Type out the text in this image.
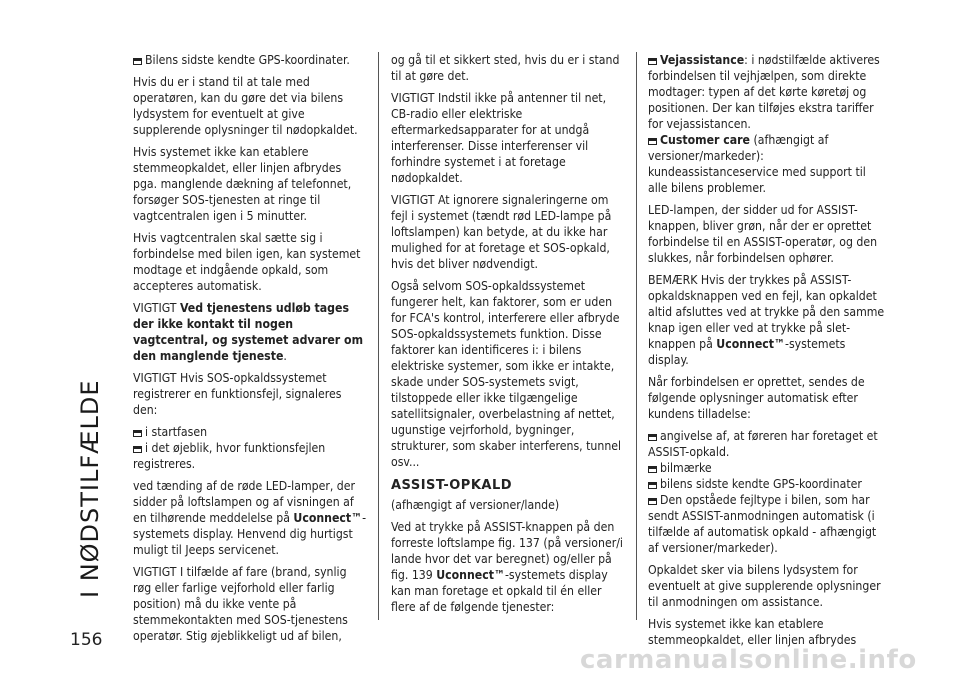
I NØDSTILFÆLDE

Bilens sidste kendte GPS-koordinater.

Hvis du er i stand til at tale med operatøren, kan du gøre det via bilens lydsystem for eventuelt at give supplerende oplysninger til nødopkaldet.

Hvis systemet ikke kan etablere stemmeopkaldet, eller linjen afbrydes pga. manglende dækning af telefonnet, forsøger SOS-tjenesten at ringe til vagtcentralen igen i 5 minutter.

Hvis vagtcentralen skal sætte sig i forbindelse med bilen igen, kan systemet modtage et indgående opkald, som accepteres automatisk.

VIGTIGT Ved tjenestens udløb tages der ikke kontakt til nogen vagtcentral, og systemet advarer om den manglende tjeneste.

VIGTIGT Hvis SOS-opkaldssystemet registrerer en funktionsfejl, signaleres den:

i startfasen

i det øjeblik, hvor funktionsfejlen registreres.

ved tænding af de røde LED-lamper, der sidder på loftslampen og af visningen af en tilhørende meddelelse på Uconnect™-systemets display. Henvend dig hurtigst muligt til Jeeps servicenet.

VIGTIGT I tilfælde af fare (brand, synlig røg eller farlige vejforhold eller farlig position) må du ikke vente på stemmekontakten med SOS-tjenestens operatør. Stig øjeblikkeligt ud af bilen,

og gå til et sikkert sted, hvis du er i stand til at gøre det.

VIGTIGT Indstil ikke på antenner til net, CB-radio eller elektriske eftermarkedsapparater for at undgå interferenser. Disse interferenser vil forhindre systemet i at foretage nødopkaldet.

VIGTIGT At ignorere signaleringerne om fejl i systemet (tændt rød LED-lampe på loftslampen) kan betyde, at du ikke har mulighed for at foretage et SOS-opkald, hvis det bliver nødvendigt.

Også selvom SOS-opkaldssystemet fungerer helt, kan faktorer, som er uden for FCA's kontrol, interferere eller afbryde SOS-opkaldssystemets funktion. Disse faktorer kan identificeres i: i bilens elektriske systemer, som ikke er intakte, skade under SOS-systemets svigt, tilstoppede eller ikke tilgængelige satellitsignaler, overbelastning af nettet, ugunstige vejrforhold, bygninger, strukturer, som skaber interferens, tunnel osv...

ASSIST-OPKALD

(afhængigt af versioner/lande)

Ved at trykke på ASSIST-knappen på den forreste loftslampe fig. 137 (på versioner/i lande hvor det var beregnet) og/eller på fig. 139 Uconnect™-systemets display kan man foretage et opkald til én eller flere af de følgende tjenester:

Vejassistance: i nødstilfælde aktiveres forbindelsen til vejhjælpen, som direkte modtager: typen af det kørte køretøj og positionen. Der kan tilføjes ekstra tariffer for vejassistancen.

Customer care (afhængigt af versioner/markeder): kundeassistanceservice med support til alle bilens problemer.

LED-lampen, der sidder ud for ASSIST-knappen, bliver grøn, når der er oprettet forbindelse til en ASSIST-operatør, og den slukkes, når forbindelsen ophører.

BEMÆRK Hvis der trykkes på ASSIST-opkaldsknappen ved en fejl, kan opkaldet altid afsluttes ved at trykke på den samme knap igen eller ved at trykke på slet-knappen på Uconnect™-systemets display.

Når forbindelsen er oprettet, sendes de følgende oplysninger automatisk efter kundens tilladelse:

angivelse af, at føreren har foretaget et ASSIST-opkald.

bilmærke

bilens sidste kendte GPS-koordinater

Den opståede fejltype i bilen, som har sendt ASSIST-anmodningen automatisk (i tilfælde af automatisk opkald - afhængigt af versioner/markeder).

Opkaldet sker via bilens lydsystem for eventuelt at give supplerende oplysninger til anmodningen om assistance.

Hvis systemet ikke kan etablere stemmeopkaldet, eller linjen afbrydes

156
carmanualsonline.info
